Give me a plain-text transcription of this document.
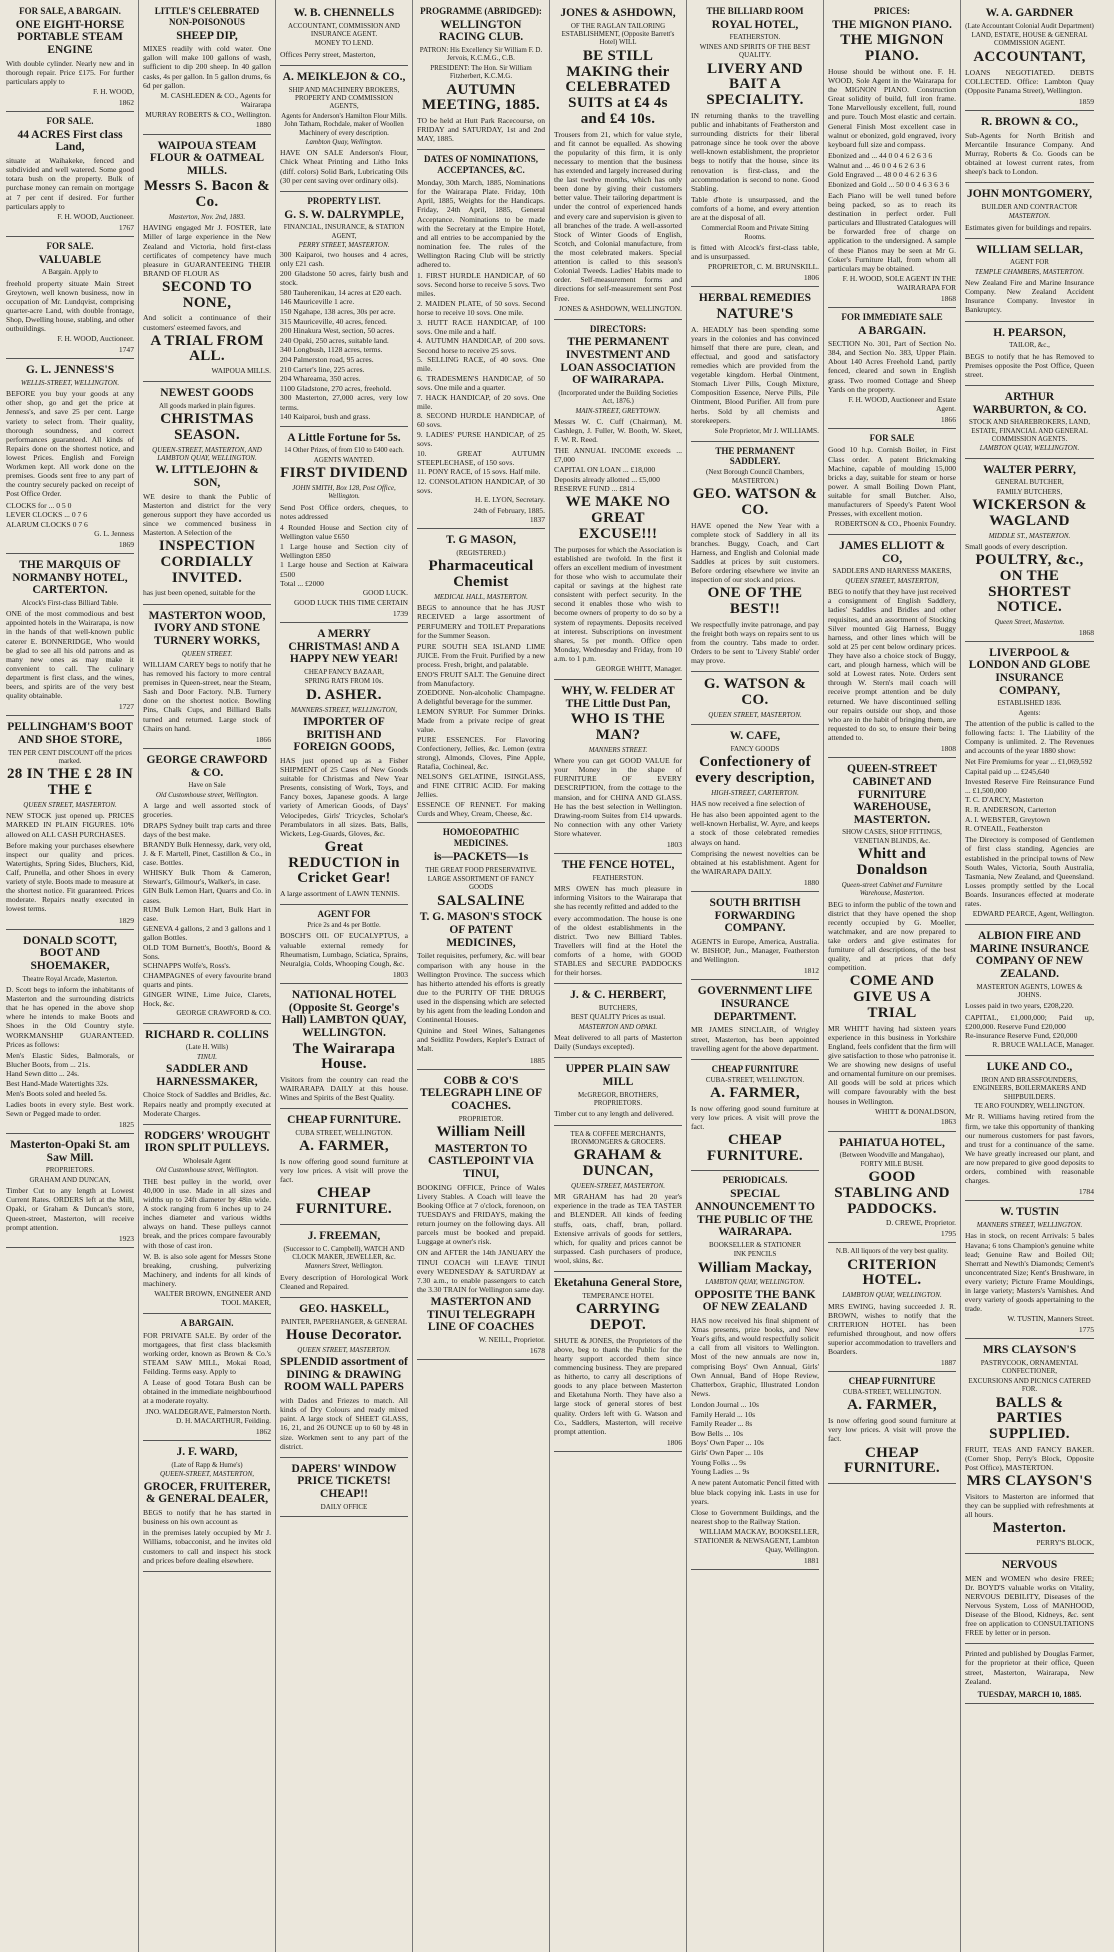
FOR SALE, A BARGAIN.
ONE EIGHT-HORSE PORTABLE STEAM ENGINE
With double cylinder. Nearly new and in thorough repair. Price £175. For further particulars apply to
F. H. WOOD,
1862
FOR SALE.
44 ACRES First class Land,
situate at Waihakeke, fenced and subdivided and well watered. Some good totara bush on the property. Bulk of purchase money can remain on mortgage at 7 per cent if desired. For further particulars apply to
F. H. WOOD, Auctioneer.
1767
FOR SALE.
VALUABLE
A Bargain. Apply to
freehold property situate Main Street Greytown, well known business, now in occupation of Mr. Lundqvist, comprising quarter-acre Land, with double frontage, Shop, Dwelling house, stabling, and other outbuildings.
F. H. WOOD, Auctioneer.
1747
G. L. JENNESS'S
WELLIS-STREET, WELLINGTON.
BEFORE you buy your goods at any other shop, go and get the price at Jenness's, and save 25 per cent. Large variety to select from. Their quality, thorough soundness, and correct performances guaranteed. All kinds of Repairs done on the shortest notice, and lowest Prices. English and Foreign Workmen kept. All work done on the premises. Goods sent free to any part of the country securely packed on receipt of Post Office Order.
CLOCKS for ... 0 5 0
LEVER CLOCKS ... 0 7 6
ALARUM CLOCKS 0 7 6
G. L. Jenness
1869
THE MARQUIS OF NORMANBY HOTEL, CARTERTON.
Alcock's First-class Billiard Table.
ONE of the most commodious and best appointed hotels in the Wairarapa, is now in the hands of that well-known public caterer E. BONNERIDGE, Who would be glad to see all his old patrons and as many new ones as may make it convenient to call. The culinary department is first class, and the wines, beers, and spirits are of the very best quality obtainable.
1727
PELLINGHAM'S BOOT AND SHOE STORE,
TEN PER CENT DISCOUNT off the prices marked.
28 IN THE £ 28 IN THE £
QUEEN STREET, MASTERTON.
NEW STOCK just opened up. PRICES MARKED IN PLAIN FIGURES. 10% allowed on ALL CASH PURCHASES.
Before making your purchases elsewhere inspect our quality and prices. Watertights, Spring Sides, Bluchers, Kid, Calf, Prunella, and other Shoes in every variety of style. Boots made to measure at the shortest notice. Fit guaranteed. Prices moderate. Repairs neatly executed in lowest terms.
1829
DONALD SCOTT, BOOT AND SHOEMAKER,
Theatre Royal Arcade, Masterton.
D. Scott begs to inform the inhabitants of Masterton and the surrounding districts that he has opened in the above shop where he intends to make Boots and Shoes in the Old Country style. WORKMANSHIP GUARANTEED. Prices as follows:
Men's Elastic Sides, Balmorals, or Blucher Boots, from ... 21s.
Hand Sewn ditto ... 24s.
Best Hand-Made Watertights 32s.
Men's Boots soled and heeled 5s.
Ladies boots in every style. Best work. Sewn or Pegged made to order.
1825
Masterton-Opaki St. am Saw Mill.
PROPRIETORS.
GRAHAM AND DUNCAN,
Timber Cut to any length at Lowest Current Rates. ORDERS left at the Mill, Opaki, or Graham & Duncan's store, Queen-street, Masterton, will receive prompt attention.
1923
LITTLE'S CELEBRATED NON-POISONOUS
SHEEP DIP,
MIXES readily with cold water. One gallon will make 100 gallons of wash, sufficient to dip 200 sheep. In 40 gallon casks, 4s per gallon. In 5 gallon drums, 6s 6d per gallon.
M. CASHLEDEN & CO., Agents for Wairarapa
MURRAY ROBERTS & CO., Wellington.
1880
WAIPOUA STEAM FLOUR & OATMEAL MILLS.
Messrs S. Bacon & Co.
Masterton, Nov. 2nd, 1883.
HAVING engaged Mr J. FOSTER, late Miller of large experience in the New Zealand and Victoria, hold first-class certificates of competency have much pleasure in GUARANTEEING THEIR BRAND OF FLOUR AS
SECOND TO NONE,
And solicit a continuance of their customers' esteemed favors, and
A TRIAL FROM ALL.
WAIPOUA MILLS.
NEWEST GOODS
All goods marked in plain figures.
CHRISTMAS SEASON.
QUEEN-STREET, MASTERTON, AND LAMBTON QUAY, WELLINGTON.
W. LITTLEJOHN & SON,
WE desire to thank the Public of Masterton and district for the very generous support they have accorded us since we commenced business in Masterton. A Selection of the
INSPECTION CORDIALLY INVITED.
has just been opened, suitable for the
MASTERTON WOOD, IVORY AND STONE TURNERY WORKS,
QUEEN STREET.
WILLIAM CAREY begs to notify that he has removed his factory to more central premises in Queen-street, near the Steam, Sash and Door Factory. N.B. Turnery done on the shortest notice. Bowling Pins, Chalk Cups, and Billiard Balls turned and returned. Large stock of Chairs on hand.
1866
GEORGE CRAWFORD & CO.
Have on Sale
Old Customhouse street, Wellington.
A large and well assorted stock of groceries.
DRAPS Sydney built trap carts and three days of the best make.
BRANDY Bulk Hennessy, dark, very old, J. & F. Martell, Pinet, Castillon & Co., in case. Bottles.
WHISKY Bulk Thom & Cameron, Stewart's, Gilmour's, Walker's, in case.
GIN Bulk Lemon Hart, Quarrs and Co. in cases.
RUM Bulk Lemon Hart, Bulk Hart in case.
GENEVA 4 gallons, 2 and 3 gallons and 1 gallon Bottles.
OLD TOM Burnett's, Booth's, Boord & Sons.
SCHNAPPS Wolfe's, Ross's.
CHAMPAGNES of every favourite brand quarts and pints.
GINGER WINE, Lime Juice, Clarets, Hock, &c.
GEORGE CRAWFORD & CO.
RICHARD R. COLLINS
(Late H. Wills)
TINUI.
SADDLER AND HARNESSMAKER,
Choice Stock of Saddles and Bridles, &c. Repairs neatly and promptly executed at Moderate Charges.
RODGERS' WROUGHT IRON SPLIT PULLEYS.
Wholesale Agent
Old Customhouse street, Wellington.
THE best pulley in the world, over 40,000 in use. Made in all sizes and widths up to 24ft diameter by 48in wide. A stock ranging from 6 inches up to 24 inches diameter and various widths always on hand. These pulleys cannot break, and the prices compare favourably with those of cast iron.
W. B. is also sole agent for Messrs Stone breaking, crushing, pulverizing Machinery, and indents for all kinds of machinery.
WALTER BROWN, ENGINEER AND TOOL MAKER,
A BARGAIN.
FOR PRIVATE SALE. By order of the mortgagees, that first class blacksmith working order, known as Brown & Co.'s STEAM SAW MILL, Mokai Road, Feilding. Terms easy. Apply to
A Lease of good Totara Bush can be obtained in the immediate neighbourhood at a moderate royalty.
JNO. WALDEGRAVE, Palmerston North.
D. H. MACARTHUR, Feilding.
1862
J. F. WARD,
(Late of Rapp & Hume's)
QUEEN-STREET, MASTERTON,
GROCER, FRUITERER, & GENERAL DEALER,
BEGS to notify that he has started in business on his own account as
in the premises lately occupied by Mr J. Williams, tobacconist, and he invites old customers to call and inspect his stock and prices before dealing elsewhere.
W. B. CHENNELLS
ACCOUNTANT, COMMISSION AND INSURANCE AGENT.
MONEY TO LEND.
Offices Perry street, Masterton,
A. MEIKLEJON & CO.,
SHIP AND MACHINERY BROKERS, PROPERTY AND COMMISSION AGENTS,
Agents for Anderson's Hamilton Flour Mills. John Tatham, Rochdale, maker of Woollen Machinery of every description.
Lambton Quay, Wellington.
HAVE ON SALE Anderson's Flour, Chick Wheat Printing and Litho Inks (diff. colors) Solid Bark, Lubricating Oils (30 per cent saving over ordinary oils).
PROPERTY LIST.
G. S. W. DALRYMPLE,
FINANCIAL, INSURANCE, & STATION AGENT,
PERRY STREET, MASTERTON.
300 Kaiparoi, two houses and 4 acres, only £21 cash.
200 Gladstone 50 acres, fairly bush and stock.
580 Tauherenikau, 14 acres at £20 each.
146 Mauriceville 1 acre.
150 Ngahape, 138 acres, 30s per acre.
315 Mauriceville, 40 acres, fenced.
200 Hinakura West, section, 50 acres.
240 Opaki, 250 acres, suitable land.
340 Longbush, 1128 acres, terms.
204 Palmerston road, 95 acres.
210 Carter's line, 225 acres.
204 Whareama, 350 acres.
1100 Gladstone, 270 acres, freehold.
300 Masterton, 27,000 acres, very low terms.
140 Kaiparoi, bush and grass.
A Little Fortune for 5s.
14 Other Prizes, of from £10 to £400 each.
AGENTS WANTED.
FIRST DIVIDEND
JOHN SMITH, Box 128, Post Office, Wellington.
Send Post Office orders, cheques, to notes addressed
4 Rounded House and Section city of Wellington value £650
1 Large house and Section city of Wellington £850
1 Large house and Section at Kaiwara £500
Total ... £2000
GOOD LUCK.
GOOD LUCK THIS TIME CERTAIN
1739
A MERRY CHRISTMAS! AND A HAPPY NEW YEAR!
CHEAP FANCY BAZAAR,
SPRING RATS FROM 10s.
D. ASHER.
MANNERS-STREET, WELLINGTON,
IMPORTER OF BRITISH AND FOREIGN GOODS,
HAS just opened up as a Fisher SHIPMENT of 25 Cases of New Goods suitable for Christmas and New Year Presents, consisting of Work, Toys, and Fancy boxes, Japanese goods. A large variety of American Goods, of Days' Velocipedes, Girls' Tricycles, Scholar's Perambulators in all sizes. Bats, Balls, Wickets, Leg-Guards, Gloves, &c.
Great REDUCTION in Cricket Gear!
A large assortment of LAWN TENNIS.
AGENT FOR
Price 2s and 4s per Bottle.
BOSCH'S OIL OF EUCALYPTUS, a valuable external remedy for Rheumatism, Lumbago, Sciatica, Sprains, Neuralgia, Colds, Whooping Cough, &c.
1803
NATIONAL HOTEL (Opposite St. George's Hall) LAMBTON QUAY, WELLINGTON.
The Wairarapa House.
Visitors from the country can read the WAIRARAPA DAILY at this house. Wines and Spirits of the Best Quality.
CHEAP FURNITURE.
CUBA STREET, WELLINGTON.
A. FARMER,
Is now offering good sound furniture at very low prices. A visit will prove the fact.
CHEAP FURNITURE.
J. FREEMAN,
(Successor to C. Campbell), WATCH AND CLOCK MAKER, JEWELLER, &c.
Manners Street, Wellington.
Every description of Horological Work Cleaned and Repaired.
GEO. HASKELL,
PAINTER, PAPERHANGER, & GENERAL
House Decorator.
QUEEN STREET, MASTERTON.
SPLENDID assortment of DINING & DRAWING ROOM WALL PAPERS
with Dados and Friezes to match. All kinds of Dry Colours and ready mixed paint. A large stock of SHEET GLASS, 16, 21, and 26 OUNCE up to 60 by 48 in size. Workmen sent to any part of the district.
DAPERS' WINDOW PRICE TICKETS! CHEAP!!
DAILY OFFICE
PROGRAMME (ABRIDGED):
WELLINGTON RACING CLUB.
PATRON: His Excellency Sir William F. D. Jervois, K.C.M.G., C.B.
PRESIDENT: The Hon. Sir William Fitzherbert, K.C.M.G.
AUTUMN MEETING, 1885.
TO be held at Hutt Park Racecourse, on FRIDAY and SATURDAY, 1st and 2nd MAY, 1885.
DATES OF NOMINATIONS, ACCEPTANCES, &C.
Monday, 30th March, 1885, Nominations for the Wairarapa Plate. Friday, 10th April, 1885, Weights for the Handicaps. Friday, 24th April, 1885, General Acceptance. Nominations to be made with the Secretary at the Empire Hotel, and all entries to be accompanied by the nomination fee. The rules of the Wellington Racing Club will be strictly adhered to.
1. FIRST HURDLE HANDICAP, of 60 sovs. Second horse to receive 5 sovs. Two miles.
2. MAIDEN PLATE, of 50 sovs. Second horse to receive 10 sovs. One mile.
3. HUTT RACE HANDICAP, of 100 sovs. One mile and a half.
4. AUTUMN HANDICAP, of 200 sovs. Second horse to receive 25 sovs.
5. SELLING RACE, of 40 sovs. One mile.
6. TRADESMEN'S HANDICAP, of 50 sovs. One mile and a quarter.
7. HACK HANDICAP, of 20 sovs. One mile.
8. SECOND HURDLE HANDICAP, of 60 sovs.
9. LADIES' PURSE HANDICAP, of 25 sovs.
10. GREAT AUTUMN STEEPLECHASE, of 150 sovs.
11. PONY RACE, of 15 sovs. Half mile.
12. CONSOLATION HANDICAP, of 30 sovs.
H. E. LYON, Secretary.
24th of February, 1885.
1837
T. G MASON,
(REGISTERED.)
Pharmaceutical Chemist
MEDICAL HALL, MASTERTON.
BEGS to announce that he has JUST RECEIVED a large assortment of PERFUMERY and TOILET Preparations for the Summer Season.
PURE SOUTH SEA ISLAND LIME JUICE. From the Fruit. Purified by a new process. Fresh, bright, and palatable.
ENO'S FRUIT SALT. The Genuine direct from Manufactory.
ZOEDONE. Non-alcoholic Champagne. A delightful beverage for the summer.
LEMON SYRUP. For Summer Drinks. Made from a private recipe of great value.
PURE ESSENCES. For Flavoring Confectionery, Jellies, &c. Lemon (extra strong), Almonds, Cloves, Pine Apple, Ratafia, Cochineal, &c.
NELSON'S GELATINE, ISINGLASS, and FINE CITRIC ACID. For making Jellies.
ESSENCE OF RENNET. For making Curds and Whey, Cream, Cheese, &c.
HOMOEOPATHIC MEDICINES.
is—PACKETS—1s
THE GREAT FOOD PRESERVATIVE.
LARGE ASSORTMENT OF FANCY GOODS
SALSALINE
T. G. MASON'S STOCK OF PATENT MEDICINES,
Toilet requisites, perfumery, &c. will bear comparison with any house in the Wellington Province. The success which has hitherto attended his efforts is greatly due to the PURITY OF THE DRUGS used in the dispensing which are selected by his agent from the leading London and Continental Houses.
Quinine and Steel Wines, Saltangenes and Seidlitz Powders, Kepler's Extract of Malt.
1885
COBB & CO'S TELEGRAPH LINE OF COACHES.
PROPRIETOR.
William Neill
MASTERTON TO CASTLEPOINT VIA TINUI,
BOOKING OFFICE, Prince of Wales Livery Stables. A Coach will leave the Booking Office at 7 o'clock, forenoon, on TUESDAYS and FRIDAYS, making the return journey on the following days. All parcels must be booked and prepaid. Luggage at owner's risk.
ON and AFTER the 14th JANUARY the TINUI COACH will LEAVE TINUI every WEDNESDAY & SATURDAY at 7.30 a.m., to enable passengers to catch the 3.30 TRAIN for Wellington same day.
MASTERTON AND TINUI TELEGRAPH LINE OF COACHES
W. NEILL, Proprietor.
1678
JONES & ASHDOWN,
OF THE RAGLAN TAILORING ESTABLISHMENT, (Opposite Barrett's Hotel) WILL
BE STILL MAKING their CELEBRATED SUITS at £4 4s and £4 10s.
Trousers from 21, which for value style, and fit cannot be equalled. As showing the popularity of this firm, it is only necessary to mention that the business has extended and largely increased during the last twelve months, which has only been done by giving their customers better value. Their tailoring department is under the control of experienced hands and every care and supervision is given to all branches of the trade. A well-assorted Stock of Winter Goods of English, Scotch, and Colonial manufacture, from the most celebrated makers. Special attention is called to this season's Colonial Tweeds. Ladies' Habits made to order. Self-measurement forms and directions for self-measurement sent Post Free.
JONES & ASHDOWN, WELLINGTON.
DIRECTORS:
THE PERMANENT INVESTMENT AND LOAN ASSOCIATION OF WAIRARAPA.
(Incorporated under the Building Societies Act, 1876.)
MAIN-STREET, GREYTOWN.
Messrs W. C. Cuff (Chairman), M. Cashlegn, J. Fuller, W. Booth, W. Skeet, F. W. R. Reed.
THE ANNUAL INCOME exceeds ... £7,000
CAPITAL ON LOAN ... £18,000
Deposits already allotted ... £5,000
RESERVE FUND ... £814
WE MAKE NO GREAT EXCUSE!!!
The purposes for which the Association is established are twofold. In the first it offers an excellent medium of investment for those who wish to accumulate their capital or savings at the highest rate consistent with perfect security. In the second it enables those who wish to become owners of property to do so by a system of repayments. Deposits received at interest. Subscriptions on investment shares, 5s per month. Office open Monday, Wednesday and Friday, from 10 a.m. to 1 p.m.
GEORGE WHITT, Manager.
WHY, W. FELDER AT THE Little Dust Pan,
WHO IS THE MAN?
MANNERS STREET.
Where you can get GOOD VALUE for your Money in the shape of FURNITURE OF EVERY DESCRIPTION, from the cottage to the mansion, and for CHINA AND GLASS. He has the best selection in Wellington. Drawing-room Suites from £14 upwards. No connection with any other Variety Store whatever.
1803
THE FENCE HOTEL,
FEATHERSTON.
MRS OWEN has much pleasure in informing Visitors to the Wairarapa that she has recently refitted and added to the
every accommodation. The house is one of the oldest establishments in the district. Two new Billiard Tables. Travellers will find at the Hotel the comforts of a home, with GOOD STABLES and SECURE PADDOCKS for their horses.
J. & C. HERBERT,
BUTCHERS,
BEST QUALITY Prices as usual.
MASTERTON AND OPAKI.
Meat delivered to all parts of Masterton Daily (Sundays excepted).
UPPER PLAIN SAW MILL
McGREGOR, BROTHERS, PROPRIETORS.
Timber cut to any length and delivered.
TEA & COFFEE MERCHANTS, IRONMONGERS & GROCERS.
GRAHAM & DUNCAN,
QUEEN-STREET, MASTERTON.
MR GRAHAM has had 20 year's experience in the trade as TEA TASTER and BLENDER. All kinds of feeding stuffs, oats, chaff, bran, pollard. Extensive arrivals of goods for settlers, which, for quality and prices cannot be surpassed. Cash purchasers of produce, wool, skins, &c.
Eketahuna General Store,
TEMPERANCE HOTEL
CARRYING DEPOT.
SHUTE & JONES, the Proprietors of the above, beg to thank the Public for the hearty support accorded them since commencing business. They are prepared as hitherto, to carry all descriptions of goods to any place between Masterton and Eketahuna North. They have also a large stock of general stores of best quality. Orders left with G. Watson and Co., Saddlers, Masterton, will receive prompt attention.
1806
THE BILLIARD ROOM
ROYAL HOTEL,
FEATHERSTON.
WINES AND SPIRITS OF THE BEST QUALITY.
LIVERY AND BAIT A SPECIALITY.
IN returning thanks to the travelling public and inhabitants of Featherston and surrounding districts for their liberal patronage since he took over the above well-known establishment, the proprietor begs to notify that the house, since its renovation is first-class, and the accommodation is second to none. Good Stabling.
Table d'hote is unsurpassed, and the comforts of a home, and every attention are at the disposal of all.
Commercial Room and Private Sitting Rooms.
is fitted with Alcock's first-class table, and is unsurpassed.
PROPRIETOR, C. M. BRUNSKILL.
1806
HERBAL REMEDIES
NATURE'S
A. HEADLY has been spending some years in the colonies and has convinced himself that there are pure, clean, and effectual, and good and satisfactory remedies which are provided from the vegetable kingdom. Herbal Ointment, Stomach Liver Pills, Cough Mixture, Composition Essence, Nerve Pills, Pile Ointment, Blood Purifier. All from pure herbs. Sold by all chemists and storekeepers.
Sole Proprietor, Mr J. WILLIAMS.
THE PERMANENT SADDLERY.
(Next Borough Council Chambers, MASTERTON.)
GEO. WATSON & CO.
HAVE opened the New Year with a complete stock of Saddlery in all its branches. Buggy, Coach, and Cart Harness, and English and Colonial made Saddles at prices by suit customers. Before ordering elsewhere we invite an inspection of our stock and prices.
ONE OF THE BEST!!
We respectfully invite patronage, and pay the freight both ways on repairs sent to us from the country. Tabs made to order. Orders to be sent to 'Livery Stable' order may prove.
G. WATSON & CO.
QUEEN STREET, MASTERTON.
W. CAFE,
FANCY GOODS
Confectionery of every description,
HIGH-STREET, CARTERTON.
HAS now received a fine selection of
He has also been appointed agent to the well-known Herbalist, W. Ayre, and keeps a stock of those celebrated remedies always on hand.
Comprising the newest novelties can be obtained at his establishment. Agent for the WAIRARAPA DAILY.
1880
SOUTH BRITISH FORWARDING COMPANY.
AGENTS in Europe, America, Australia. W. BISHOP, Jun., Manager, Featherston and Wellington.
1812
GOVERNMENT LIFE INSURANCE DEPARTMENT.
MR JAMES SINCLAIR, of Wrigley street, Masterton, has been appointed travelling agent for the above department.
CHEAP FURNITURE
CUBA-STREET, WELLINGTON.
A. FARMER,
Is now offering good sound furniture at very low prices. A visit will prove the fact.
CHEAP FURNITURE.
PERIODICALS.
SPECIAL ANNOUNCEMENT TO THE PUBLIC OF THE WAIRARAPA.
BOOKSELLER & STATIONER
INK PENCILS
William Mackay,
LAMBTON QUAY, WELLINGTON.
OPPOSITE THE BANK OF NEW ZEALAND
HAS now received his final shipment of Xmas presents, prize books, and New Year's gifts, and would respectfully solicit a call from all visitors to Wellington. Most of the new annuals are now in, comprising Boys' Own Annual, Girls' Own Annual, Band of Hope Review, Chatterbox, Graphic, Illustrated London News.
London Journal ... 10s
Family Herald ... 10s
Family Reader ... 8s
Bow Bells ... 10s
Boys' Own Paper ... 10s
Girls' Own Paper ... 10s
Young Folks ... 9s
Young Ladies ... 9s
A new patent Automatic Pencil fitted with blue black copying ink. Lasts in use for years.
Close to Government Buildings, and the nearest shop to the Railway Station.
WILLIAM MACKAY, BOOKSELLER, STATIONER & NEWSAGENT, Lambton Quay, Wellington.
1881
PRICES:
THE MIGNON PIANO.
THE MIGNON PIANO.
House should be without one. F. H. WOOD, Sole Agent in the Wairarapa for the MIGNON PIANO. Construction Great solidity of build, full iron frame. Tone Marvellously excellent, full, round and pure. Touch Most elastic and certain. General Finish Most excellent case in walnut or ebonized, gold engraved, ivory keyboard full size and compass.
Ebonized and ... 44 0 0 4 6 2 6 3 6
Walnut and ... 46 0 0 4 6 2 6 3 6
Gold Engraved ... 48 0 0 4 6 2 6 3 6
Ebonized and Gold ... 50 0 0 4 6 3 6 3 6
Each Piano will be well tuned before being packed, so as to reach its destination in perfect order. Full particulars and Illustrated Catalogues will be forwarded free of charge on application to the undersigned. A sample of these Pianos may be seen at Mr G. Coker's Furniture Hall, from whom all particulars may be obtained.
F. H. WOOD, SOLE AGENT IN THE WAIRARAPA FOR
1868
FOR IMMEDIATE SALE
A BARGAIN.
SECTION No. 301, Part of Section No. 384, and Section No. 383, Upper Plain. About 140 Acres Freehold Land, partly fenced, cleared and sown in English grass. Two roomed Cottage and Sheep Yards on the property.
F. H. WOOD, Auctioneer and Estate Agent.
1866
FOR SALE
Good 10 h.p. Cornish Boiler, in First Class order. A patent Brickmaking Machine, capable of moulding 15,000 bricks a day, suitable for steam or horse power. A small Boiling Down Plant, suitable for small Butcher. Also, manufacturers of Speedy's Patent Wool Presses, with excellent motion.
ROBERTSON & CO., Phoenix Foundry.
JAMES ELLIOTT & CO,
SADDLERS AND HARNESS MAKERS,
QUEEN STREET, MASTERTON,
BEG to notify that they have just received a consignment of English Saddlery, ladies' Saddles and Bridles and other requisites, and an assortment of Stocking Silver mounted Gig Harness, Buggy harness, and other lines which will be sold at 25 per cent below ordinary prices. They have also a choice stock of Buggy, cart, and plough harness, which will be sold at Lowest rates. Note. Orders sent through W. Stern's mail coach will receive prompt attention and be duly returned. We have discontinued selling our repairs outside our shop, and those who are in the habit of bringing them, are requested to do so, to ensure their being attended to.
1808
QUEEN-STREET CABINET AND FURNITURE WAREHOUSE, MASTERTON.
SHOW CASES, SHOP FITTINGS, VENETIAN BLINDS, &c.
Whitt and Donaldson
Queen-street Cabinet and Furniture Warehouse, Masterton.
BEG to inform the public of the town and district that they have opened the shop recently occupied by G. Moeller, watchmaker, and are now prepared to take orders and give estimates for furniture of all descriptions, of the best quality, and at prices that defy competition.
COME AND GIVE US A TRIAL
MR WHITT having had sixteen years experience in this business in Yorkshire England, feels confident that the firm will give satisfaction to those who patronise it. We are showing new designs of useful and ornamental furniture on our premises. All goods will be sold at prices which will compare favourably with the best houses in Wellington.
WHITT & DONALDSON,
1863
PAHIATUA HOTEL,
(Between Woodville and Mangahao), FORTY MILE BUSH.
GOOD STABLING AND PADDOCKS.
D. CREWE, Proprietor.
1795
N.B. All liquors of the very best quality.
CRITERION HOTEL.
LAMBTON QUAY, WELLINGTON.
MRS EWING, having succeeded J. R. BROWN, wishes to notify that the CRITERION HOTEL has been refurnished throughout, and now offers superior accommodation to travellers and Boarders.
1887
CHEAP FURNITURE
CUBA-STREET, WELLINGTON.
A. FARMER,
Is now offering good sound furniture at very low prices. A visit will prove the fact.
CHEAP FURNITURE.
W. A. GARDNER
(Late Accountant Colonial Audit Department)
LAND, ESTATE, HOUSE & GENERAL COMMISSION AGENT.
ACCOUNTANT,
LOANS NEGOTIATED. DEBTS COLLECTED. Office: Lambton Quay (Opposite Panama Street), Wellington.
1859
R. BROWN & CO.,
Sub-Agents for North British and Mercantile Insurance Company. And Murray, Roberts & Co. Goods can be obtained at lowest current rates, from sheep's back to London.
JOHN MONTGOMERY,
BUILDER AND CONTRACTOR
MASTERTON.
Estimates given for buildings and repairs.
WILLIAM SELLAR,
AGENT FOR
TEMPLE CHAMBERS, MASTERTON.
New Zealand Fire and Marine Insurance Company. New Zealand Accident Insurance Company. Investor in Bankruptcy.
H. PEARSON,
TAILOR, &c.,
BEGS to notify that he has Removed to Premises opposite the Post Office, Queen street.
ARTHUR WARBURTON, & CO.
STOCK AND SHAREBROKERS, LAND, ESTATE, FINANCIAL AND GENERAL COMMISSION AGENTS.
LAMBTON QUAY, WELLINGTON.
WALTER PERRY,
GENERAL BUTCHER,
FAMILY BUTCHERS,
WICKERSON & WAGLAND
MIDDLE ST., MASTERTON.
Small goods of every description.
POULTRY, &c., ON THE SHORTEST NOTICE.
Queen Street, Masterton.
1868
LIVERPOOL & LONDON AND GLOBE INSURANCE COMPANY,
ESTABLISHED 1836.
Agents:
The attention of the public is called to the following facts: 1. The Liability of the Company is unlimited. 2. The Revenues and accounts of the year 1880 show:
Net Fire Premiums for year ... £1,069,592
Capital paid up ... £245,640
Invested Reserve Fire Reinsurance Fund ... £1,500,000
T. C. D'ARCY, Masterton
R. R. ANDERSON, Carterton
A. I. WEBSTER, Greytown
R. O'NEAIL, Featherston
The Directory is composed of Gentlemen of first class standing. Agencies are established in the principal towns of New South Wales, Victoria, South Australia, Tasmania, New Zealand, and Queensland. Losses promptly settled by the Local Boards. Insurances effected at moderate rates.
EDWARD PEARCE, Agent, Wellington.
ALBION FIRE AND MARINE INSURANCE COMPANY OF NEW ZEALAND.
MASTERTON AGENTS, LOWES & JOHNS.
Losses paid in two years, £208,220.
CAPITAL, £1,000,000; Paid up, £200,000. Reserve Fund £20,000
Re-insurance Reserve Fund, £20,000
R. BRUCE WALLACE, Manager.
LUKE AND CO.,
IRON AND BRASSFOUNDERS, ENGINEERS, BOILERMAKERS AND SHIPBUILDERS.
TE ARO FOUNDRY, WELLINGTON.
Mr R. Williams having retired from the firm, we take this opportunity of thanking our numerous customers for past favors, and trust for a continuance of the same. We have greatly increased our plant, and are now prepared to give good deposits to orders, combined with reasonable charges.
1784
W. TUSTIN
MANNERS STREET, WELLINGTON.
Has in stock, on recent Arrivals: 5 bales Havana; 6 tons Champion's genuine white lead; Genuine Raw and Boiled Oil; Sherratt and Newth's Diamonds; Cement's unconcentrated Size; Kent's Brushware, in every variety; Picture Frame Mouldings, in large variety; Masters's Varnishes. And every variety of goods appertaining to the trade.
W. TUSTIN, Manners Street.
1775
MRS CLAYSON'S
PASTRYCOOK, ORNAMENTAL CONFECTIONER,
EXCURSIONS AND PICNICS CATERED FOR.
BALLS & PARTIES SUPPLIED.
FRUIT, TEAS AND FANCY BAKER. (Corner Shop, Perry's Block, Opposite Post Office), MASTERTON.
MRS CLAYSON'S
Visitors to Masterton are informed that they can be supplied with refreshments at all hours.
Masterton.
PERRY'S BLOCK,
NERVOUS
MEN and WOMEN who desire FREE; Dr. BOYD'S valuable works on Vitality, NERVOUS DEBILITY, Diseases of the Nervous System, Loss of MANHOOD, Disease of the Blood, Kidneys, &c. sent free on application to CONSULTATIONS FREE by letter or in person.
Printed and published by Douglas Farmer, for the proprietor at their office, Queen street, Masterton, Wairarapa, New Zealand.
TUESDAY, MARCH 10, 1885.
